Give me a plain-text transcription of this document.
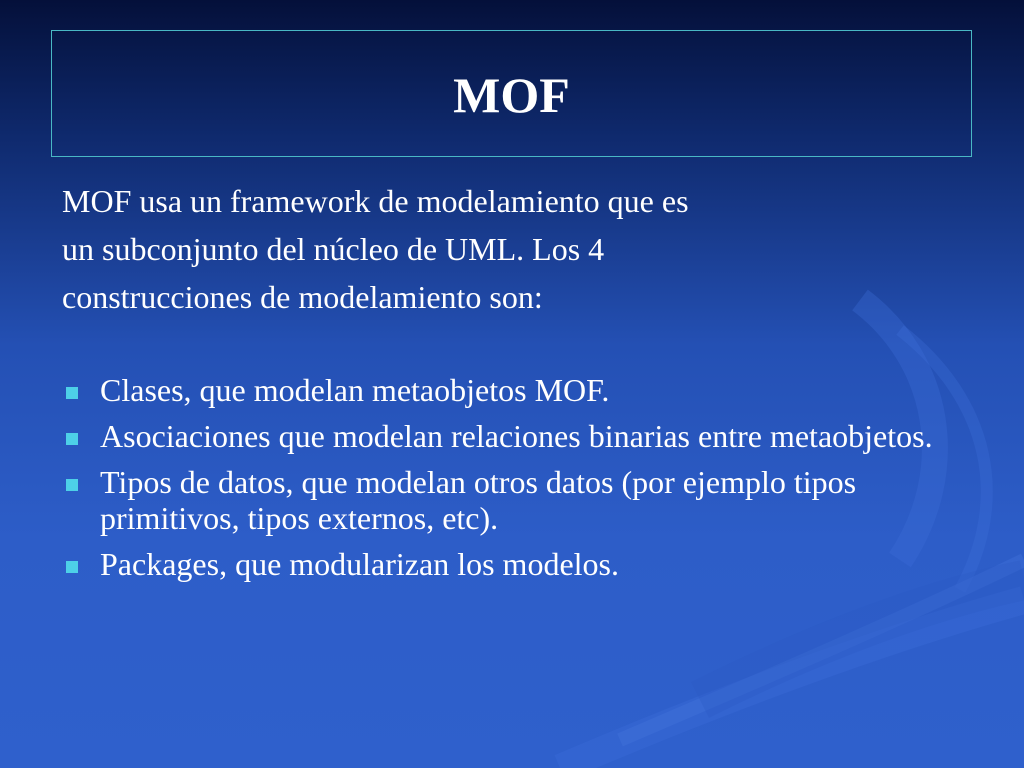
MOF
MOF usa un framework de modelamiento que es
un subconjunto del núcleo de UML. Los 4
construcciones de modelamiento son:
Clases, que modelan metaobjetos MOF.
Asociaciones que modelan relaciones binarias entre metaobjetos.
Tipos de datos, que modelan otros datos (por ejemplo tipos primitivos, tipos externos, etc).
Packages, que modularizan los modelos.
